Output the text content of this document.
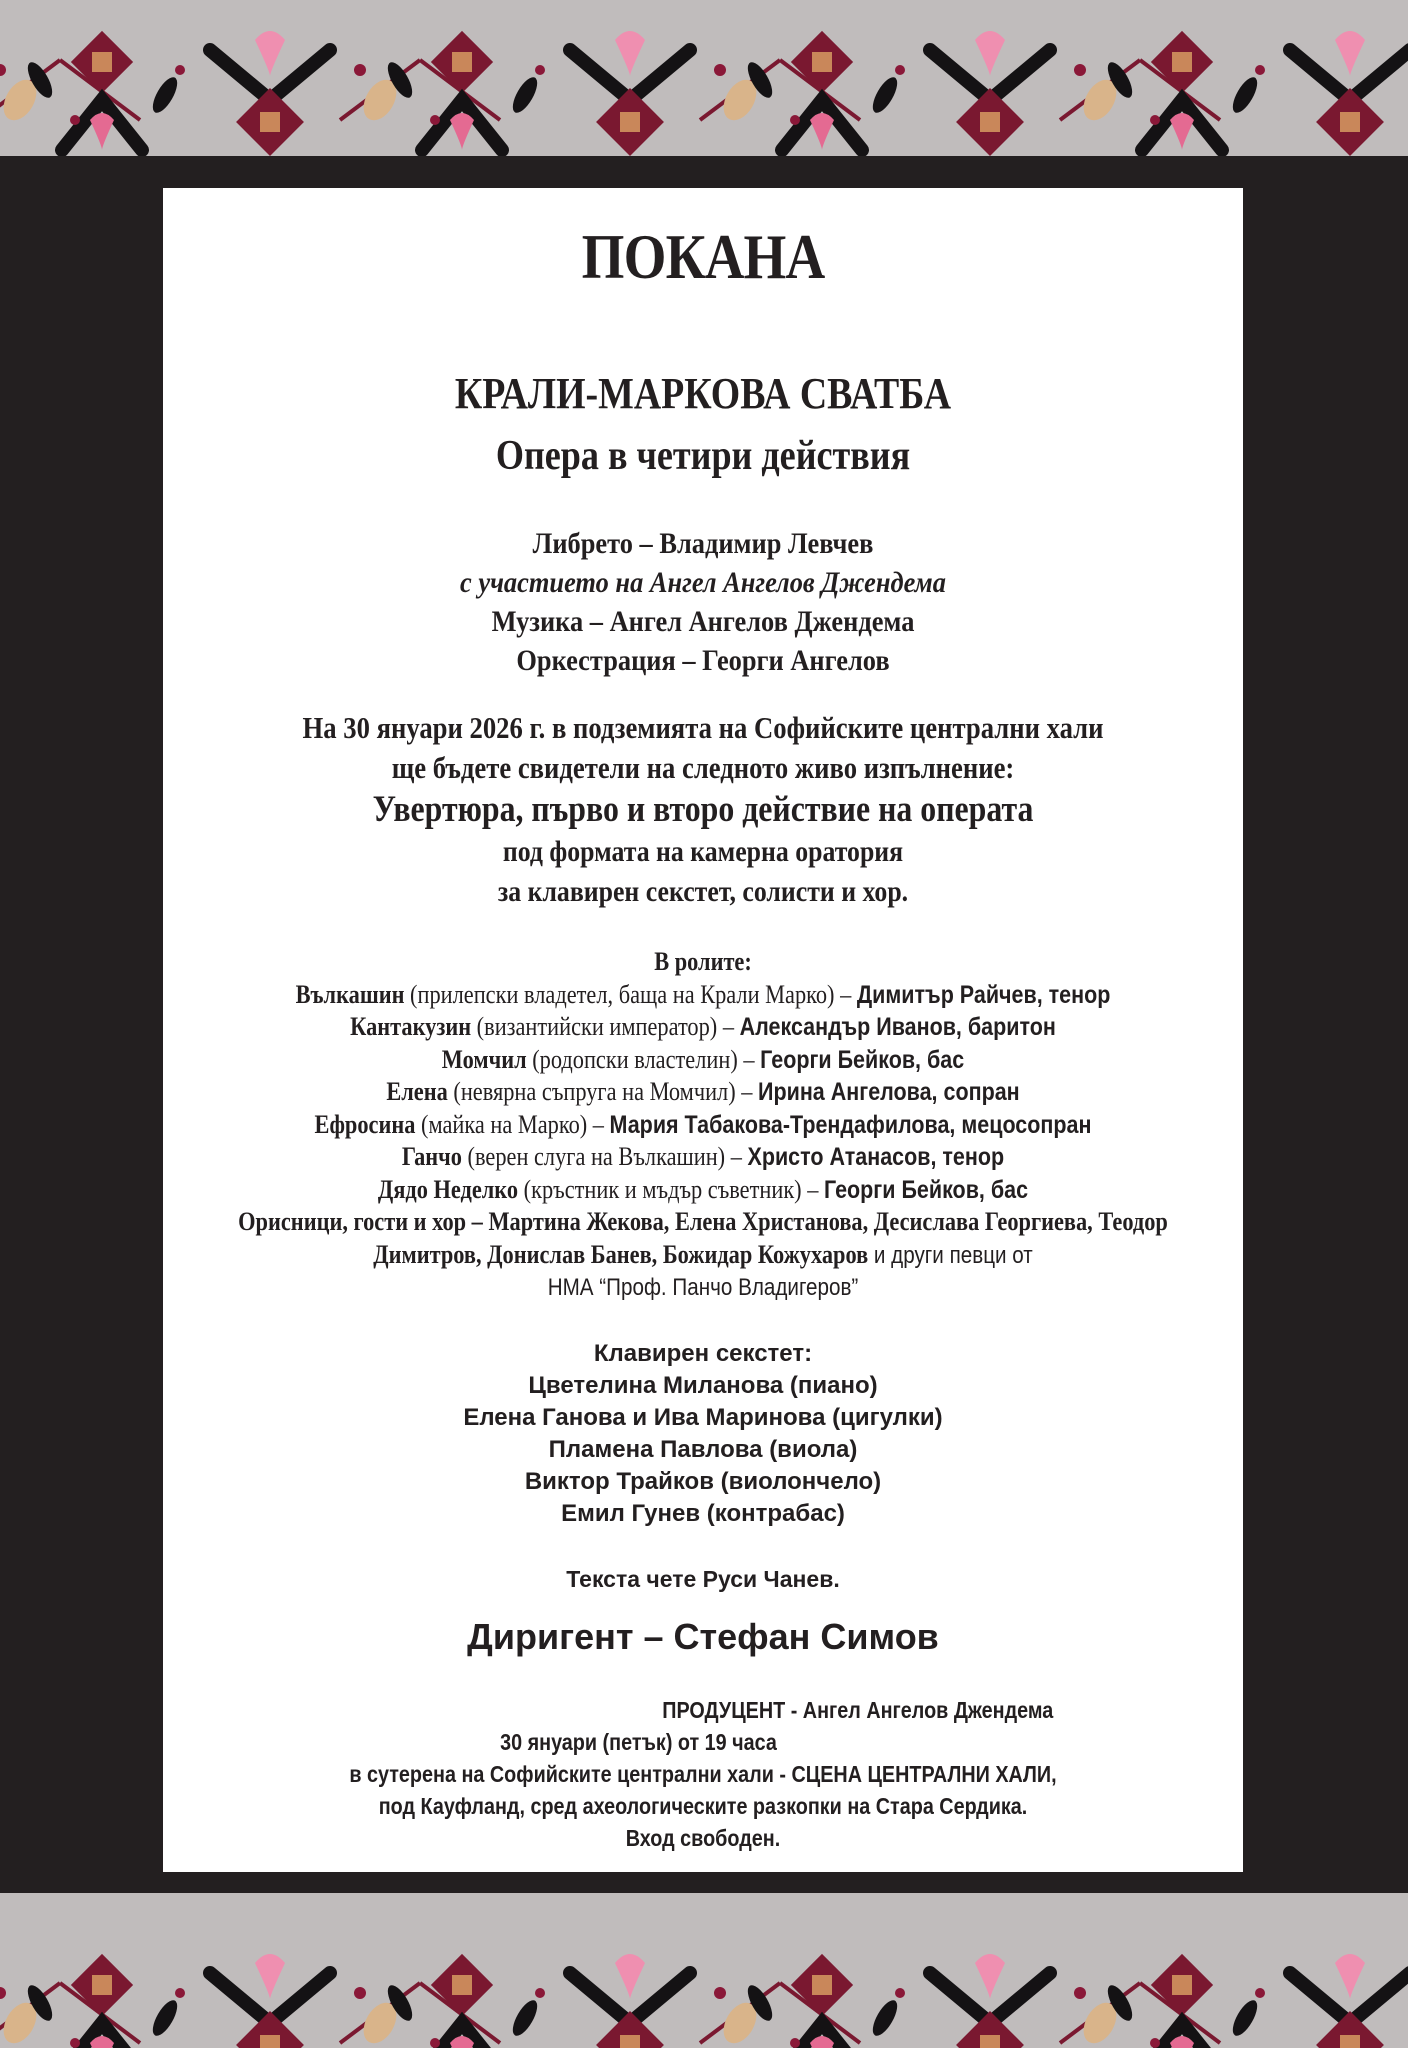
ПОКАНА
КРАЛИ-МАРКОВА СВАТБА
Опера в четири действия
Либрето – Владимир Левчев
с участието на Ангел Ангелов Джендема
Музика – Ангел Ангелов Джендема
Оркестрация – Георги Ангелов
На 30 януари 2026 г. в подземията на Софийските централни хали
ще бъдете свидетели на следното живо изпълнение:
Увертюра, първо и второ действие на операта
под формата на камерна оратория
за клавирен секстет, солисти и хор.
В ролите:
Вълкашин (прилепски владетел, баща на Крали Марко) – Димитър Райчев, тенор
Кантакузин (византийски император) – Александър Иванов, баритон
Момчил (родопски властелин) – Георги Бейков, бас
Елена (невярна съпруга на Момчил) – Ирина Ангелова, сопран
Ефросина (майка на Марко) – Мария Табакова-Трендафилова, мецосопран
Ганчо (верен слуга на Вълкашин) – Христо Атанасов, тенор
Дядо Неделко (кръстник и мъдър съветник) – Георги Бейков, бас
Орисници, гости и хор – Мартина Жекова, Елена Христанова, Десислава Георгиева, Теодор
Димитров, Донислав Банев, Божидар Кожухаров и други певци от
НМА “Проф. Панчо Владигеров”
Клавирен секстет:
Цветелина Миланова (пиано)
Елена Ганова и Ива Маринова (цигулки)
Пламена Павлова (виола)
Виктор Трайков (виолончело)
Емил Гунев (контрабас)
Текста чете Руси Чанев.
Диригент – Стефан Симов
ПРОДУЦЕНТ - Ангел Ангелов Джендема
30 януари (петък) от 19 часа
в сутерена на Софийските централни хали - СЦЕНА ЦЕНТРАЛНИ ХАЛИ,
под Кауфланд, сред ахеологическите разкопки на Стара Сердика.
Вход свободен.
